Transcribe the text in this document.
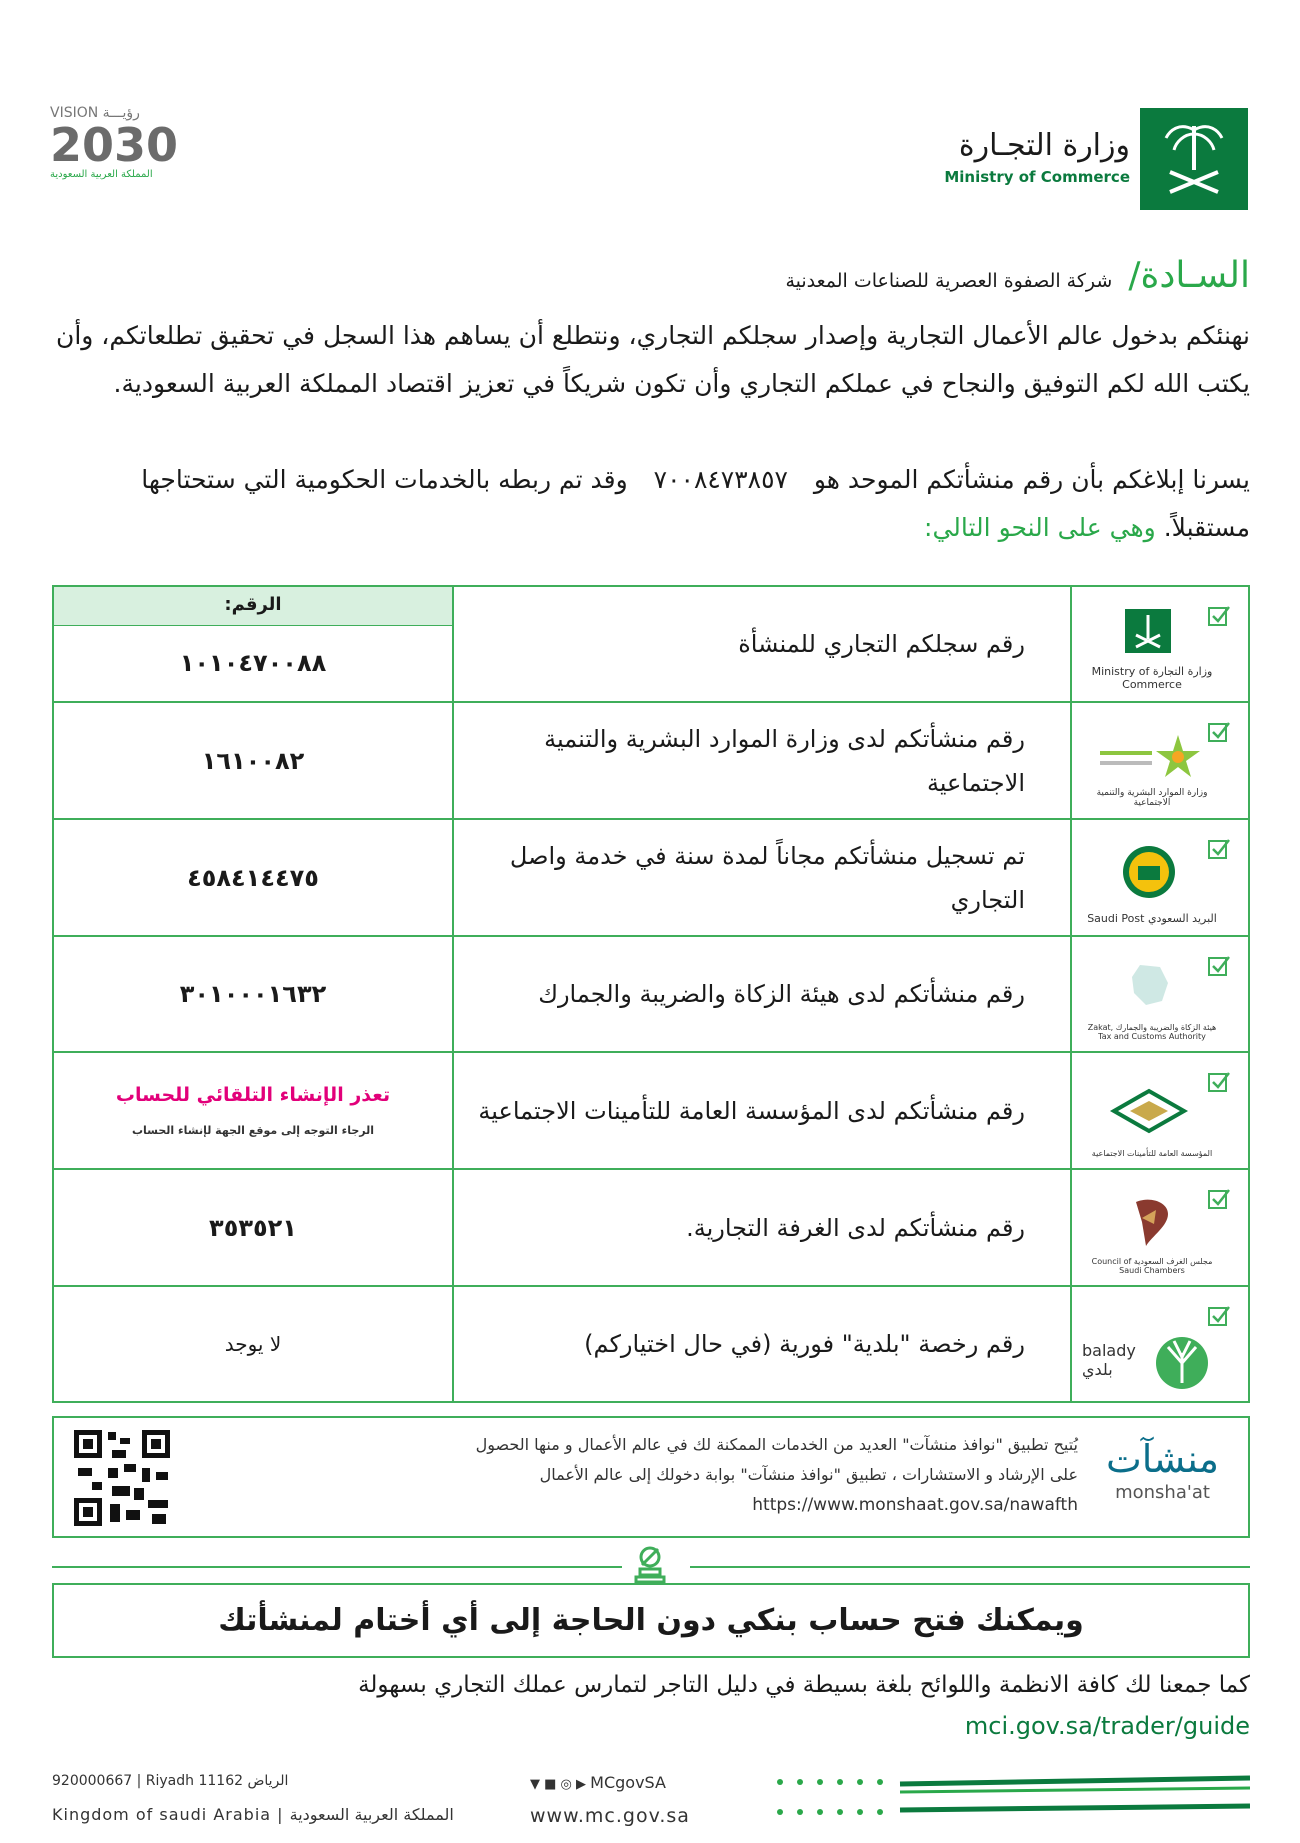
وزارة التجـارة
Ministry of Commerce
VISION رؤيـــة
2030
المملكة العربية السعودية
السـادة/ شركة الصفوة العصرية للصناعات المعدنية
نهنئكم بدخول عالم الأعمال التجارية وإصدار سجلكم التجاري، ونتطلع أن يساهم هذا السجل في تحقيق تطلعاتكم، وأن يكتب الله لكم التوفيق والنجاح في عملكم التجاري وأن تكون شريكاً في تعزيز اقتصاد المملكة العربية السعودية.
يسرنا إبلاغكم بأن رقم منشأتكم الموحد هو ٧٠٠٨٤٧٣٨٥٧ وقد تم ربطه بالخدمات الحكومية التي ستحتاجها مستقبلاً. وهي على النحو التالي:
وزارة التجارة Ministry of Commerce
رقم سجلكم التجاري للمنشأة
الرقم:
١٠١٠٤٧٠٠٨٨
وزارة الموارد البشرية والتنمية الاجتماعية
رقم منشأتكم لدى وزارة الموارد البشرية والتنمية الاجتماعية
١٦١٠٠٨٢
البريد السعودي Saudi Post
تم تسجيل منشأتكم مجاناً لمدة سنة في خدمة واصل التجاري
٤٥٨٤١٤٤٧٥
هيئة الزكاة والضريبة والجمارك Zakat, Tax and Customs Authority
رقم منشأتكم لدى هيئة الزكاة والضريبة والجمارك
٣٠١٠٠٠١٦٣٢
المؤسسة العامة للتأمينات الاجتماعية
رقم منشأتكم لدى المؤسسة العامة للتأمينات الاجتماعية
تعذر الإنشاء التلقائي للحساب
الرجاء التوجه إلى موقع الجهة لإنشاء الحساب
مجلس الغرف السعودية Council of Saudi Chambers
رقم منشأتكم لدى الغرفة التجارية.
٣٥٣٥٢١
balady بلدي
رقم رخصة "بلدية" فورية (في حال اختياركم)
لا يوجد
منشآت
monsha'at
يُتيح تطبيق "نوافذ منشآت" العديد من الخدمات الممكنة لك في عالم الأعمال و منها الحصول
على الإرشاد و الاستشارات ، تطبيق "نوافذ منشآت" بوابة دخولك إلى عالم الأعمال
https://www.monshaat.gov.sa/nawafth
ويمكنك فتح حساب بنكي دون الحاجة إلى أي أختام لمنشأتك
كما جمعنا لك كافة الانظمة واللوائح بلغة بسيطة في دليل التاجر لتمارس عملك التجاري بسهولة
mci.gov.sa/trader/guide
920000667 | Riyadh 11162 الرياض
Kingdom of saudi Arabia | المملكة العربية السعودية
▼ ■ ◎ ▶ MCgovSA
www.mc.gov.sa
